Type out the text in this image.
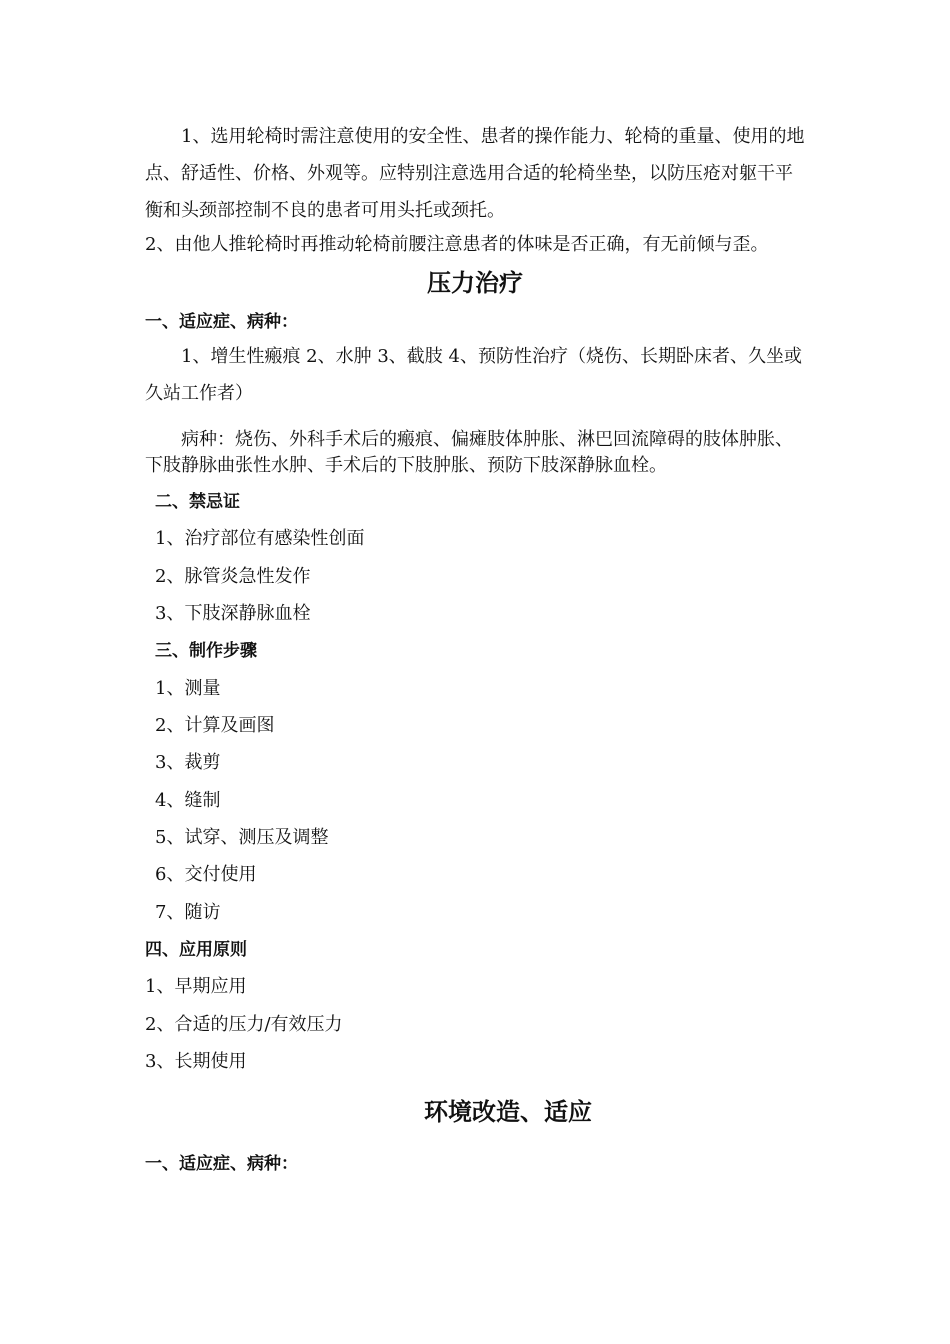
1、选用轮椅时需注意使用的安全性、患者的操作能力、轮椅的重量、使用的地点、舒适性、价格、外观等。应特别注意选用合适的轮椅坐垫，以防压疮对躯干平衡和头颈部控制不良的患者可用头托或颈托。
2、由他人推轮椅时再推动轮椅前腰注意患者的体味是否正确，有无前倾与歪。
压力治疗
一、适应症、病种：
1、增生性瘢痕 2、水肿 3、截肢 4、预防性治疗（烧伤、长期卧床者、久坐或久站工作者）
病种：烧伤、外科手术后的瘢痕、偏瘫肢体肿胀、淋巴回流障碍的肢体肿胀、下肢静脉曲张性水肿、手术后的下肢肿胀、预防下肢深静脉血栓。
二、禁忌证
1、治疗部位有感染性创面
2、脉管炎急性发作
3、下肢深静脉血栓
三、制作步骤
1、测量
2、计算及画图
3、裁剪
4、缝制
5、试穿、测压及调整
6、交付使用
7、随访
四、应用原则
1、早期应用
2、合适的压力/有效压力
3、长期使用
环境改造、适应
一、适应症、病种：
